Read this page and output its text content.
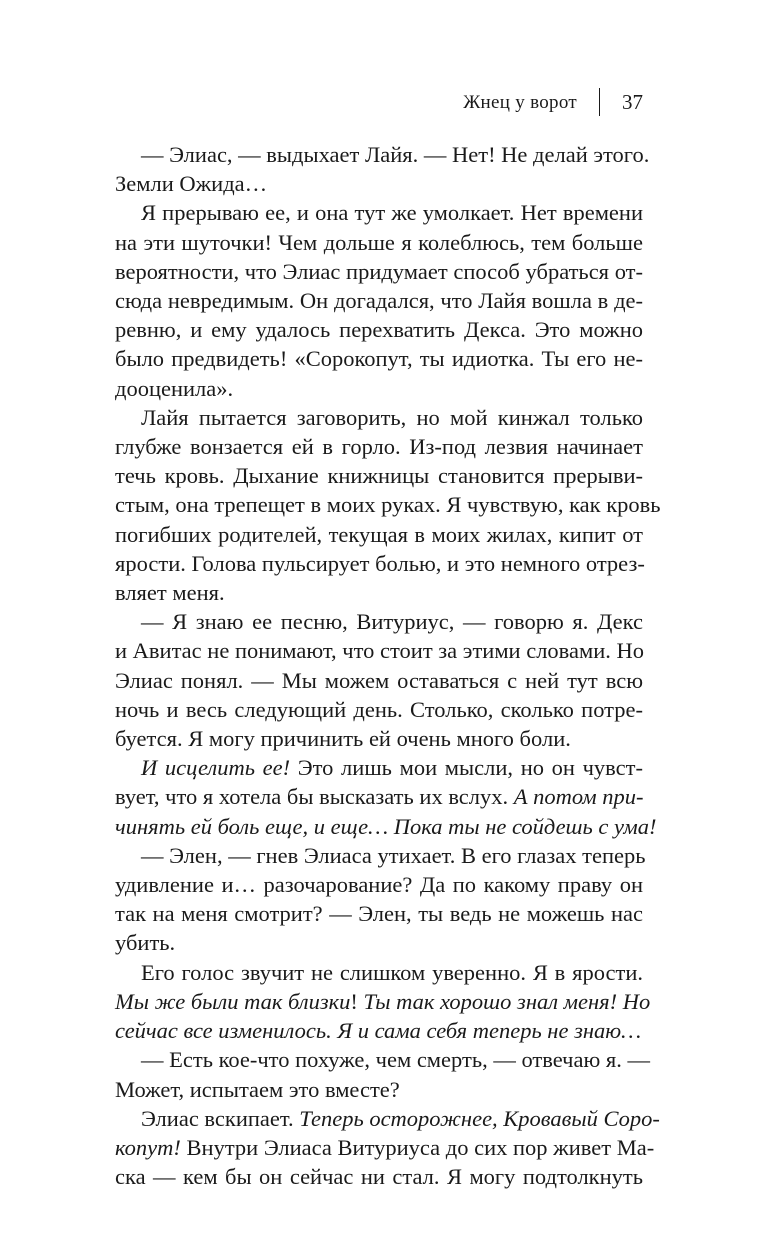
Жнец у ворот 37
— Элиас, — выдыхает Лайя. — Нет! Не делай этого.
Земли Ожида…
Я прерываю ее, и она тут же умолкает. Нет времени
на эти шуточки! Чем дольше я колеблюсь, тем больше
вероятности, что Элиас придумает способ убраться от-
сюда невредимым. Он догадался, что Лайя вошла в де-
ревню, и ему удалось перехватить Декса. Это можно
было предвидеть! «Сорокопут, ты идиотка. Ты его не-
дооценила».
Лайя пытается заговорить, но мой кинжал только
глубже вонзается ей в горло. Из-под лезвия начинает
течь кровь. Дыхание книжницы становится прерыви-
стым, она трепещет в моих руках. Я чувствую, как кровь
погибших родителей, текущая в моих жилах, кипит от
ярости. Голова пульсирует болью, и это немного отрез-
вляет меня.
— Я знаю ее песню, Витуриус, — говорю я. Декс
и Авитас не понимают, что стоит за этими словами. Но
Элиас понял. — Мы можем оставаться с ней тут всю
ночь и весь следующий день. Столько, сколько потре-
буется. Я могу причинить ей очень много боли.
И исцелить ее! Это лишь мои мысли, но он чувст-
вует, что я хотела бы высказать их вслух. А потом при-
чинять ей боль еще, и еще… Пока ты не сойдешь с ума!
— Элен, — гнев Элиаса утихает. В его глазах теперь
удивление и… разочарование? Да по какому праву он
так на меня смотрит? — Элен, ты ведь не можешь нас
убить.
Его голос звучит не слишком уверенно. Я в ярости.
Мы же были так близки! Ты так хорошо знал меня! Но
сейчас все изменилось. Я и сама себя теперь не знаю…
— Есть кое-что похуже, чем смерть, — отвечаю я. —
Может, испытаем это вместе?
Элиас вскипает. Теперь осторожнее, Кровавый Соро-
копут! Внутри Элиаса Витуриуса до сих пор живет Ма-
ска — кем бы он сейчас ни стал. Я могу подтолкнуть
